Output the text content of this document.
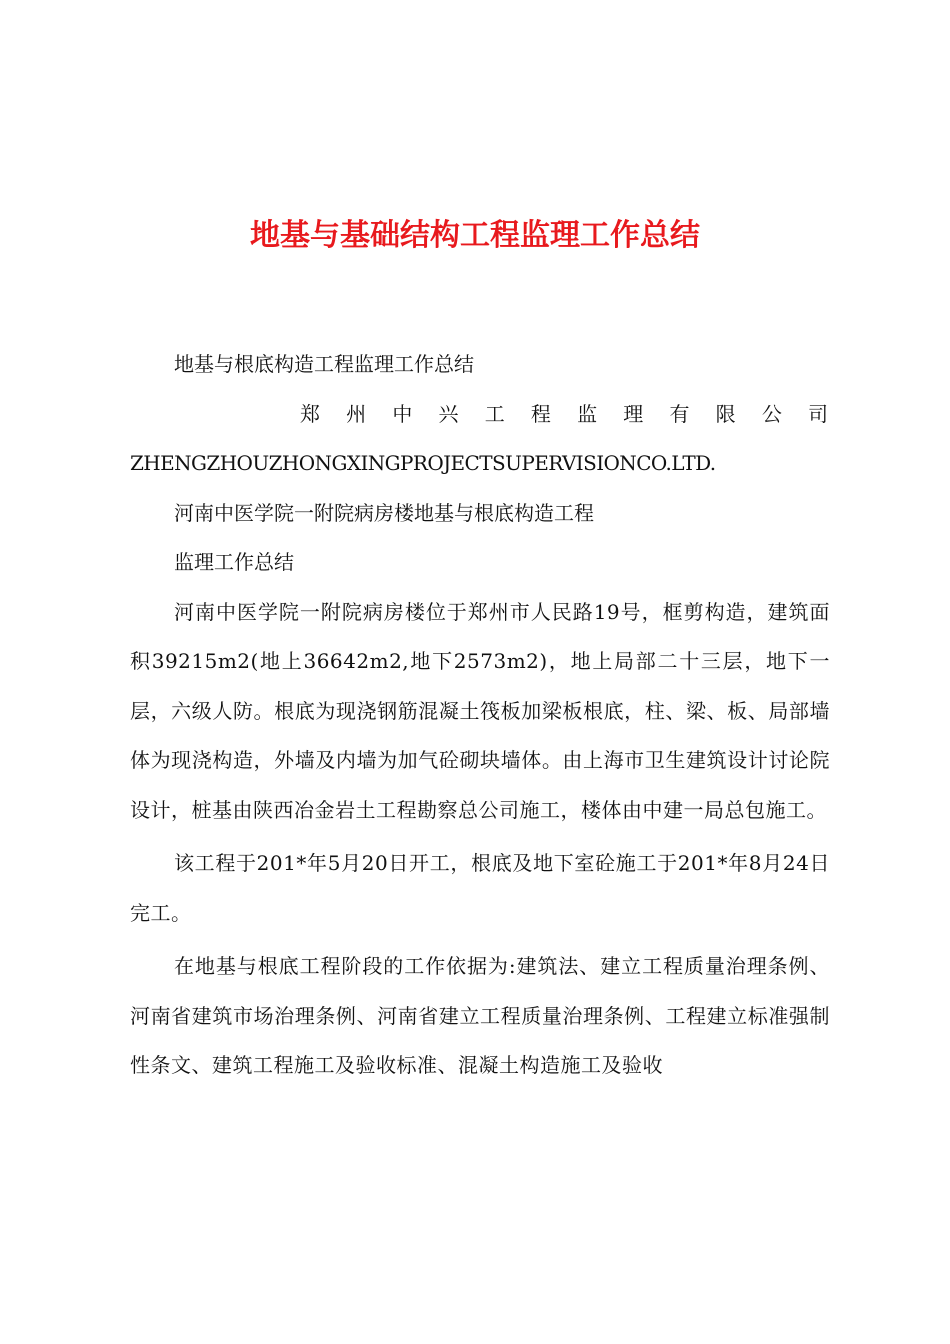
地基与基础结构工程监理工作总结

地基与根底构造工程监理工作总结

郑州中兴工程监理有限公司

ZHENGZHOUZHONGXINGPROJECTSUPERVISIONCO.LTD.

河南中医学院一附院病房楼地基与根底构造工程

监理工作总结

河南中医学院一附院病房楼位于郑州市人民路19号，框剪构造，建筑面积39215m2(地上36642m2,地下2573m2)，地上局部二十三层，地下一层，六级人防。根底为现浇钢筋混凝土筏板加梁板根底，柱、梁、板、局部墙体为现浇构造，外墙及内墙为加气砼砌块墙体。由上海市卫生建筑设计讨论院设计，桩基由陕西冶金岩土工程勘察总公司施工，楼体由中建一局总包施工。

该工程于201*年5月20日开工，根底及地下室砼施工于201*年8月24日完工。

在地基与根底工程阶段的工作依据为:建筑法、建立工程质量治理条例、河南省建筑市场治理条例、河南省建立工程质量治理条例、工程建立标准强制性条文、建筑工程施工及验收标准、混凝土构造施工及验收
